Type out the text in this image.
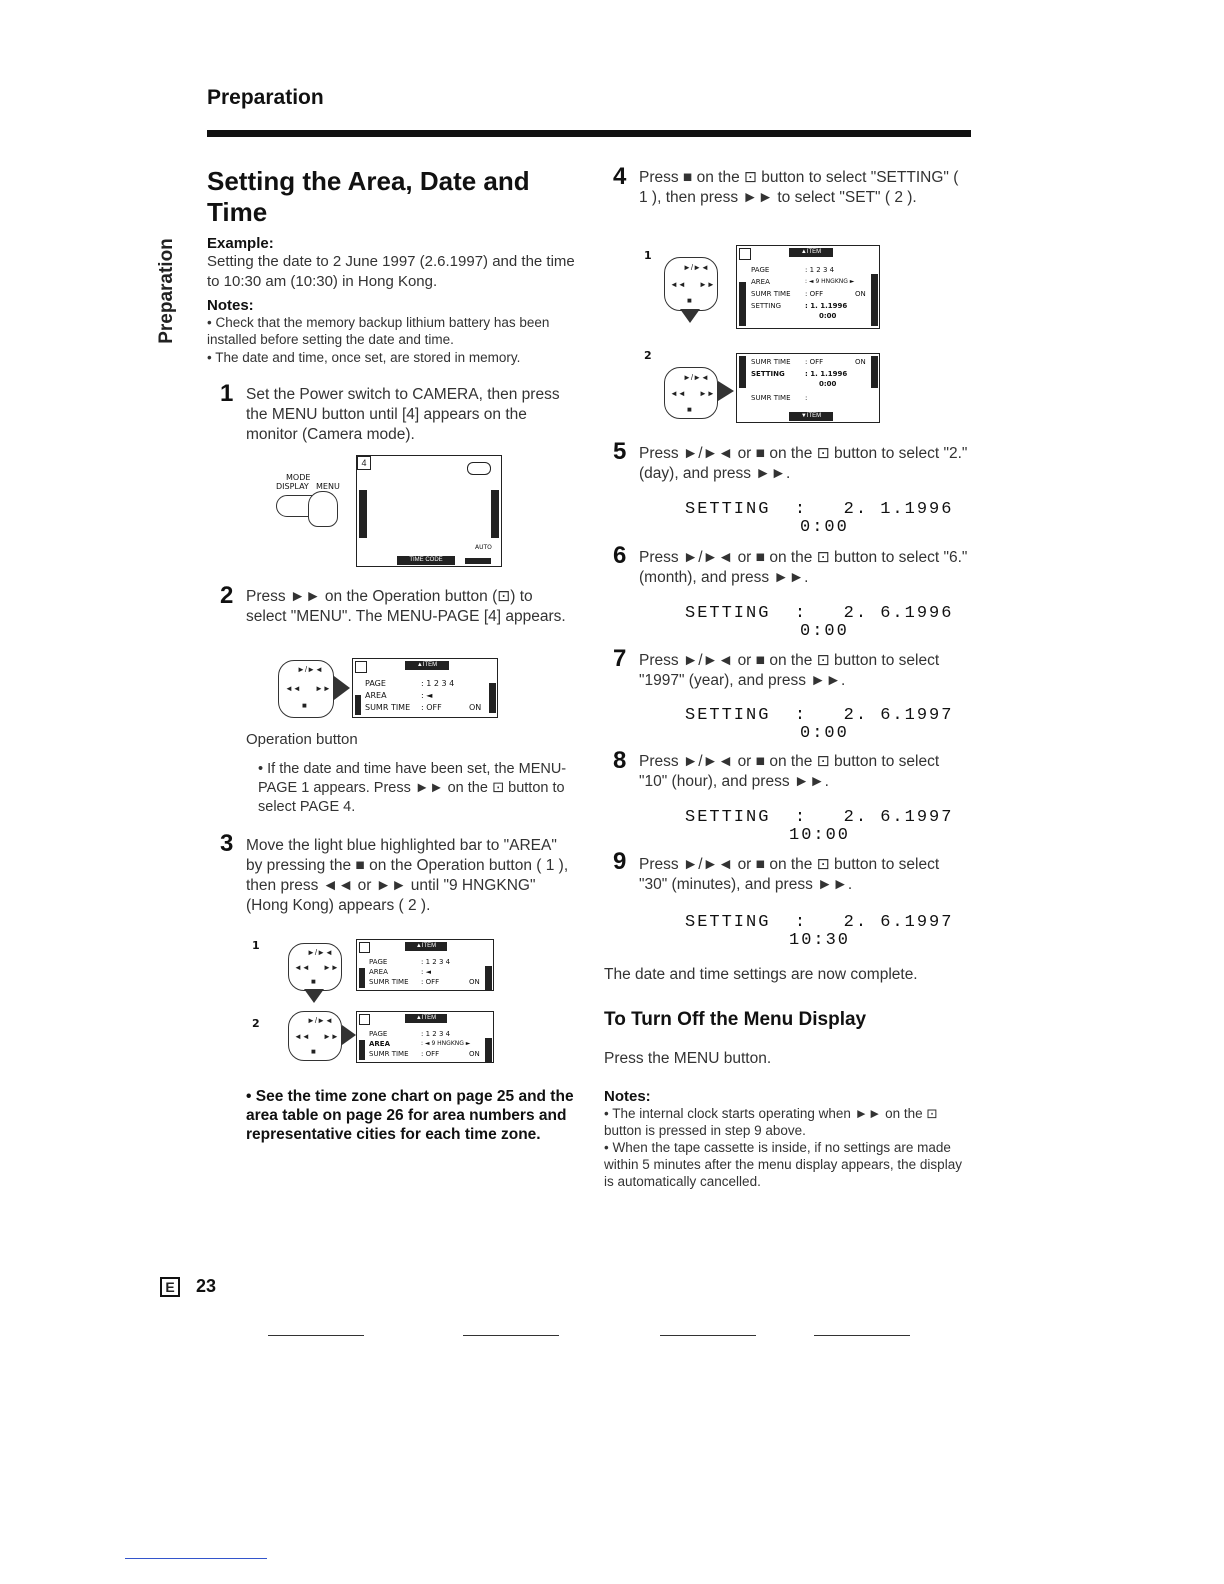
Preparation
Preparation
Setting the Area, Date and Time
Example:
Setting the date to 2 June 1997 (2.6.1997) and the time to 10:30 am (10:30) in Hong Kong.
Notes:
• Check that the memory backup lithium battery has been installed before setting the date and time.
• The date and time, once set, are stored in memory.
1 Set the Power switch to CAMERA, then press the MENU button until [4] appears on the monitor (Camera mode).
MODE
DISPLAY MENU
4
AUTO
TIME CODE
2 Press ►► on the Operation button (⊡) to select "MENU". The MENU-PAGE [4] appears.
►/►◄
◄◄ ►►
■
▲ITEM
PAGE	: 1 2 3 4
AREA	: ◄
SUMR TIME : OFF	ON
Operation button
• If the date and time have been set, the MENU-PAGE 1 appears. Press ►► on the ⊡ button to select PAGE 4.
3 Move the light blue highlighted bar to "AREA" by pressing the ■ on the Operation button ( 1 ), then press ◄◄ or ►► until "9 HNGKNG" (Hong Kong) appears ( 2 ).
1
►/►◄
◄◄ ►►
■
▲ITEM
PAGE	: 1 2 3 4
AREA	: ◄
SUMR TIME : OFF	ON
2	►/►◄
◄◄ ►►
■
▲ITEM
PAGE	: 1 2 3 4
AREA	: ◄ 9 HNGKNG ►
SUMR TIME : OFF	ON
• See the time zone chart on page 25 and the area table on page 26 for area numbers and representative cities for each time zone.
4 Press ■ on the ⊡ button to select "SETTING" ( 1 ), then press ►► to select "SET" ( 2 ).
1
►/►◄
◄◄ ►►
■
▲ITEM
PAGE	: 1 2 3 4
AREA	: ◄ 9 HNGKNG ►
SUMR TIME : OFF	ON
SETTING	: 1. 1.1996
0:00
2
►/►◄
◄◄ ►►
■
SUMR TIME : OFF	ON
SETTING	: 1. 1.1996
0:00
SUMR TIME :
▼ITEM
5 Press ►/►◄ or ■ on the ⊡ button to select "2." (day), and press ►►.
SETTING  :   2. 1.1996
0:00
6 Press ►/►◄ or ■ on the ⊡ button to select "6." (month), and press ►►.
SETTING  :   2. 6.1996
0:00
7 Press ►/►◄ or ■ on the ⊡ button to select "1997" (year), and press ►►.
SETTING  :   2. 6.1997
0:00
8 Press ►/►◄ or ■ on the ⊡ button to select "10" (hour), and press ►►.
SETTING  :   2. 6.1997
10:00
9 Press ►/►◄ or ■ on the ⊡ button to select "30" (minutes), and press ►►.
SETTING  :   2. 6.1997
10:30
The date and time settings are now complete.
To Turn Off the Menu Display
Press the MENU button.
Notes:
• The internal clock starts operating when ►► on the ⊡ button is pressed in step 9 above.
• When the tape cassette is inside, if no settings are made within 5 minutes after the menu display appears, the display is automatically cancelled.
E 23
